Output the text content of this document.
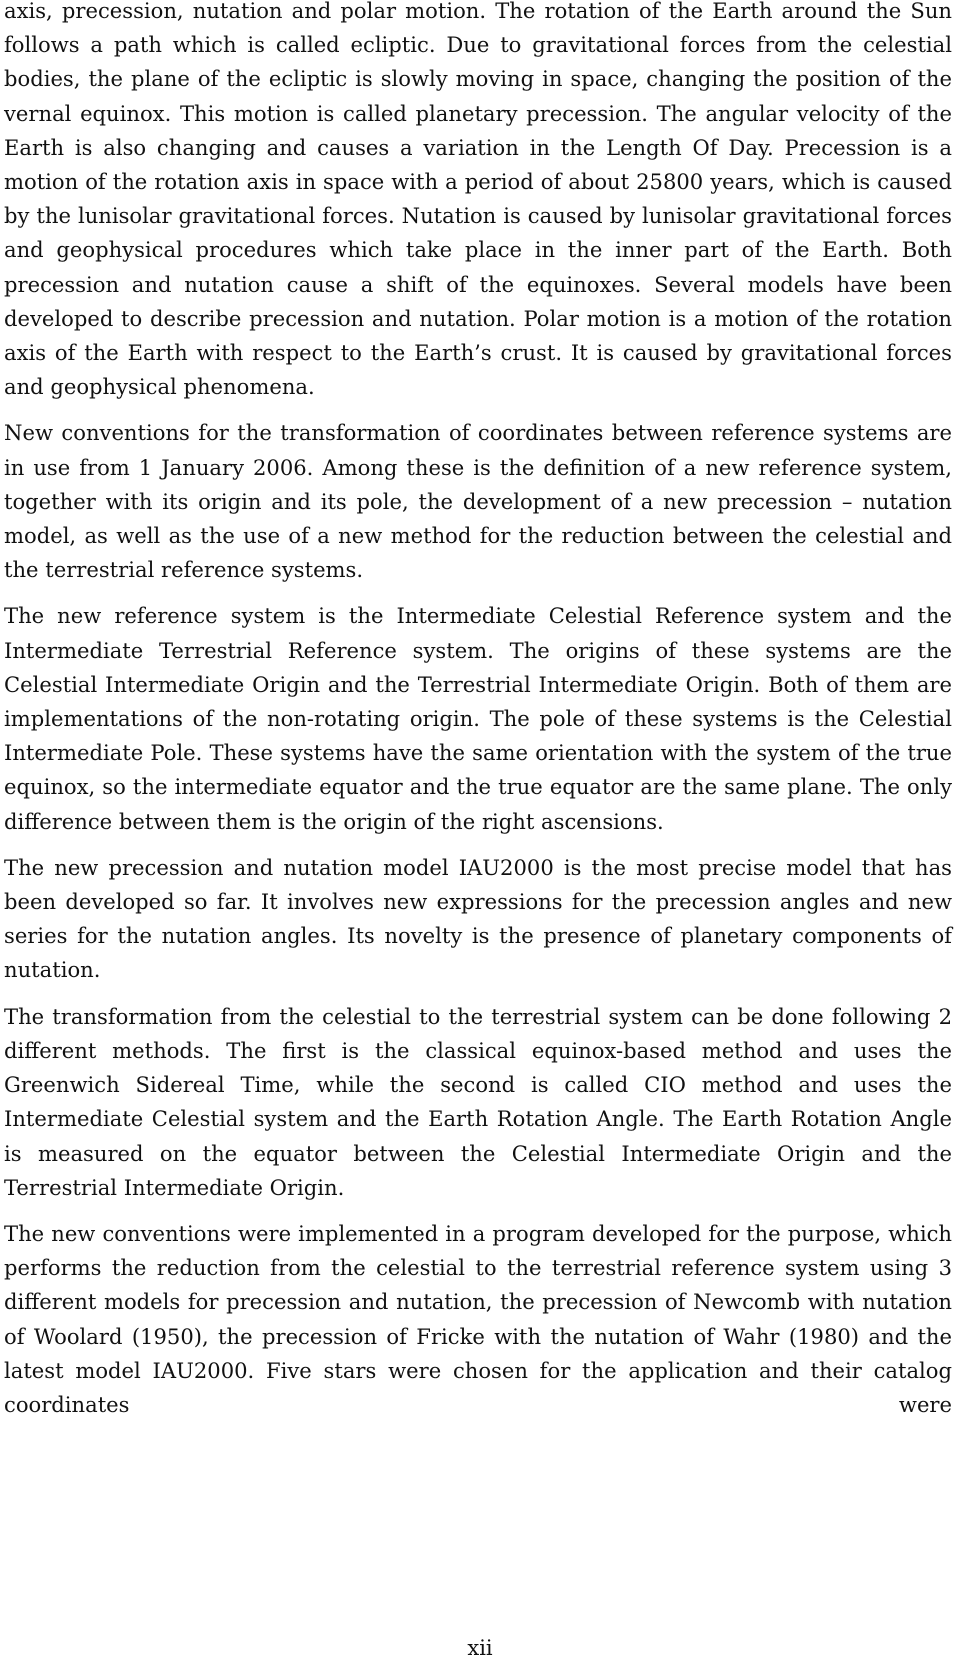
axis, precession, nutation and polar motion. The rotation of the Earth around the Sun follows a path which is called ecliptic. Due to gravitational forces from the celestial bodies, the plane of the ecliptic is slowly moving in space, changing the position of the vernal equinox. This motion is called planetary precession. The angular velocity of the Earth is also changing and causes a variation in the Length Of Day. Precession is a motion of the rotation axis in space with a period of about 25800 years, which is caused by the lunisolar gravitational forces. Nutation is caused by lunisolar gravitational forces and geophysical procedures which take place in the inner part of the Earth. Both precession and nutation cause a shift of the equinoxes. Several models have been developed to describe precession and nutation. Polar motion is a motion of the rotation axis of the Earth with respect to the Earth’s crust. It is caused by gravitational forces and geophysical phenomena.

New conventions for the transformation of coordinates between reference systems are in use from 1 January 2006. Among these is the definition of a new reference system, together with its origin and its pole, the development of a new precession – nutation model, as well as the use of a new method for the reduction between the celestial and the terrestrial reference systems.

The new reference system is the Intermediate Celestial Reference system and the Intermediate Terrestrial Reference system. The origins of these systems are the Celestial Intermediate Origin and the Terrestrial Intermediate Origin. Both of them are implementations of the non-rotating origin. The pole of these systems is the Celestial Intermediate Pole. These systems have the same orientation with the system of the true equinox, so the intermediate equator and the true equator are the same plane. The only difference between them is the origin of the right ascensions.

The new precession and nutation model IAU2000 is the most precise model that has been developed so far. It involves new expressions for the precession angles and new series for the nutation angles. Its novelty is the presence of planetary components of nutation.

The transformation from the celestial to the terrestrial system can be done following 2 different methods. The first is the classical equinox-based method and uses the Greenwich Sidereal Time, while the second is called CIO method and uses the Intermediate Celestial system and the Earth Rotation Angle. The Earth Rotation Angle is measured on the equator between the Celestial Intermediate Origin and the Terrestrial Intermediate Origin.

The new conventions were implemented in a program developed for the purpose, which performs the reduction from the celestial to the terrestrial reference system using 3 different models for precession and nutation, the precession of Newcomb with nutation of Woolard (1950), the precession of Fricke with the nutation of Wahr (1980) and the latest model IAU2000. Five stars were chosen for the application and their catalog coordinates were

xii
